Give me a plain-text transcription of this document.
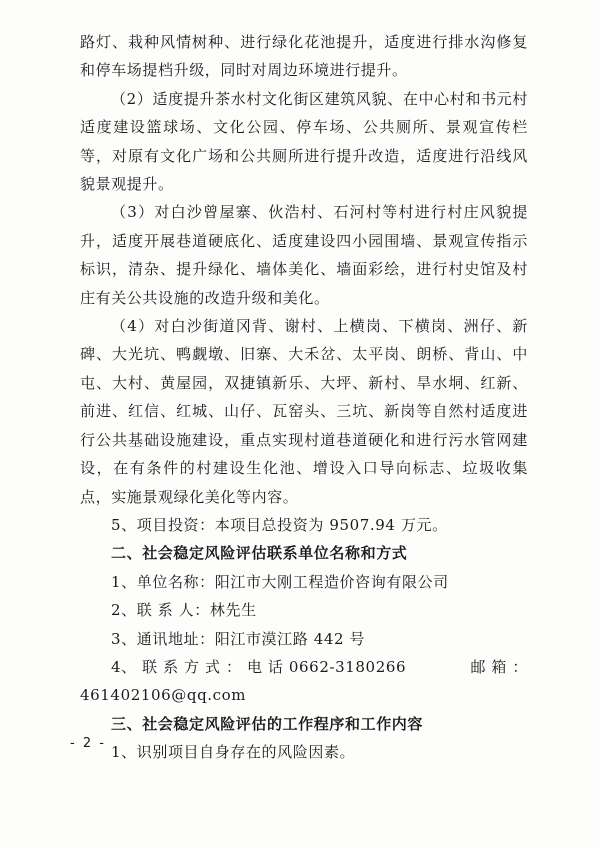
路灯、栽种风情树种、进行绿化花池提升，适度进行排水沟修复和停车场提档升级，同时对周边环境进行提升。

（2）适度提升茶水村文化街区建筑风貌、在中心村和书元村适度建设篮球场、文化公园、停车场、公共厕所、景观宣传栏等，对原有文化广场和公共厕所进行提升改造，适度进行沿线风貌景观提升。

（3）对白沙曾屋寨、伙浩村、石河村等村进行村庄风貌提升，适度开展巷道硬底化、适度建设四小园围墙、景观宣传指示标识，清杂、提升绿化、墙体美化、墙面彩绘，进行村史馆及村庄有关公共设施的改造升级和美化。

（4）对白沙街道冈背、谢村、上横岗、下横岗、洲仔、新碑、大光坑、鸭觑墩、旧寨、大禾岔、太平岗、朗桥、背山、中屯、大村、黄屋园，双捷镇新乐、大坪、新村、旱水垌、红新、前进、红信、红城、山仔、瓦窑头、三坑、新岗等自然村适度进行公共基础设施建设，重点实现村道巷道硬化和进行污水管网建设，在有条件的村建设生化池、增设入口导向标志、垃圾收集点，实施景观绿化美化等内容。

5、项目投资：本项目总投资为 9507.94 万元。

二、社会稳定风险评估联系单位名称和方式

1、单位名称：阳江市大刚工程造价咨询有限公司

2、联 系 人：林先生

3、通讯地址：阳江市漠江路 442 号

4、 联 系 方 式 ： 电 话 0662-3180266	邮 箱 ：

461402106@qq.com

三、社会稳定风险评估的工作程序和工作内容

1、识别项目自身存在的风险因素。

- 2 -
